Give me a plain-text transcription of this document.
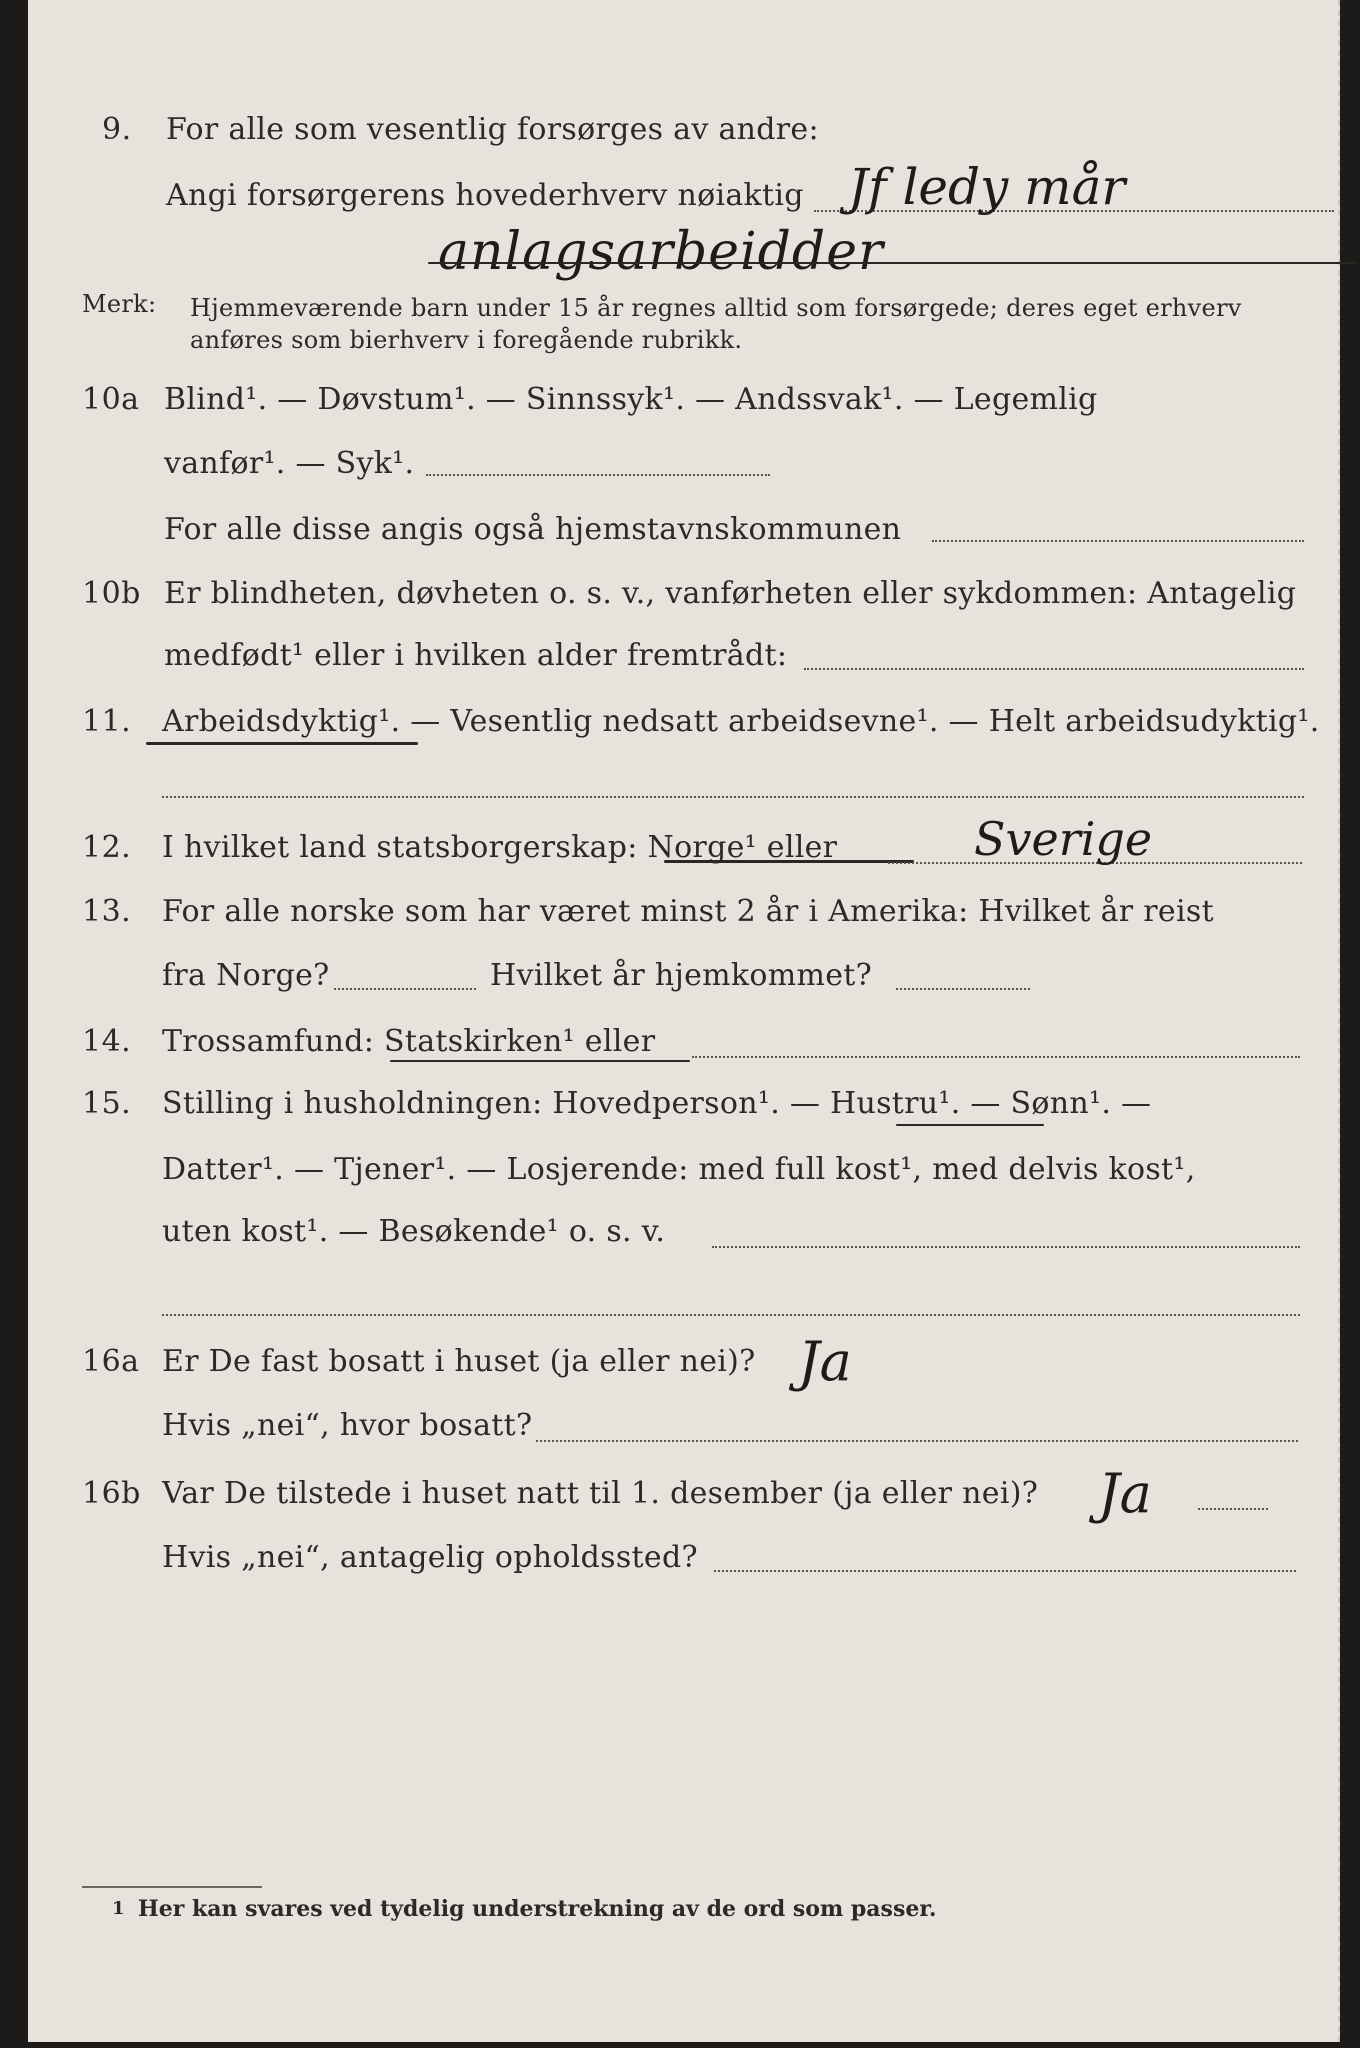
9. For alle som vesentlig forsørges av andre:
Angi forsørgerens hovederhverv nøiaktig Jf ledy mår
anlagsarbeidder
Merk: Hjemmeværende barn under 15 år regnes alltid som forsørgede; deres eget erhverv
anføres som bierhverv i foregående rubrikk.
10a Blind¹. — Døvstum¹. — Sinnssyk¹. — Andssvak¹. — Legemlig
vanfør¹. — Syk¹.
For alle disse angis også hjemstavnskommunen
10b Er blindheten, døvheten o. s. v., vanførheten eller sykdommen: Antagelig
medfødt¹ eller i hvilken alder fremtrådt:
11. Arbeidsdyktig¹. — Vesentlig nedsatt arbeidsevne¹. — Helt arbeidsudyktig¹.
12. I hvilket land statsborgerskap: Norge¹ eller	Sverige
13. For alle norske som har været minst 2 år i Amerika: Hvilket år reist
fra Norge?	Hvilket år hjemkommet?
14. Trossamfund: Statskirken¹ eller
15. Stilling i husholdningen: Hovedperson¹. — Hustru¹. — Sønn¹. —
Datter¹. — Tjener¹. — Losjerende: med full kost¹, med delvis kost¹,
uten kost¹. — Besøkende¹ o. s. v.
16a Er De fast bosatt i huset (ja eller nei)? Ja
Hvis „nei“, hvor bosatt?
16b Var De tilstede i huset natt til 1. desember (ja eller nei)? Ja
Hvis „nei“, antagelig opholdssted?
1 Her kan svares ved tydelig understrekning av de ord som passer.
